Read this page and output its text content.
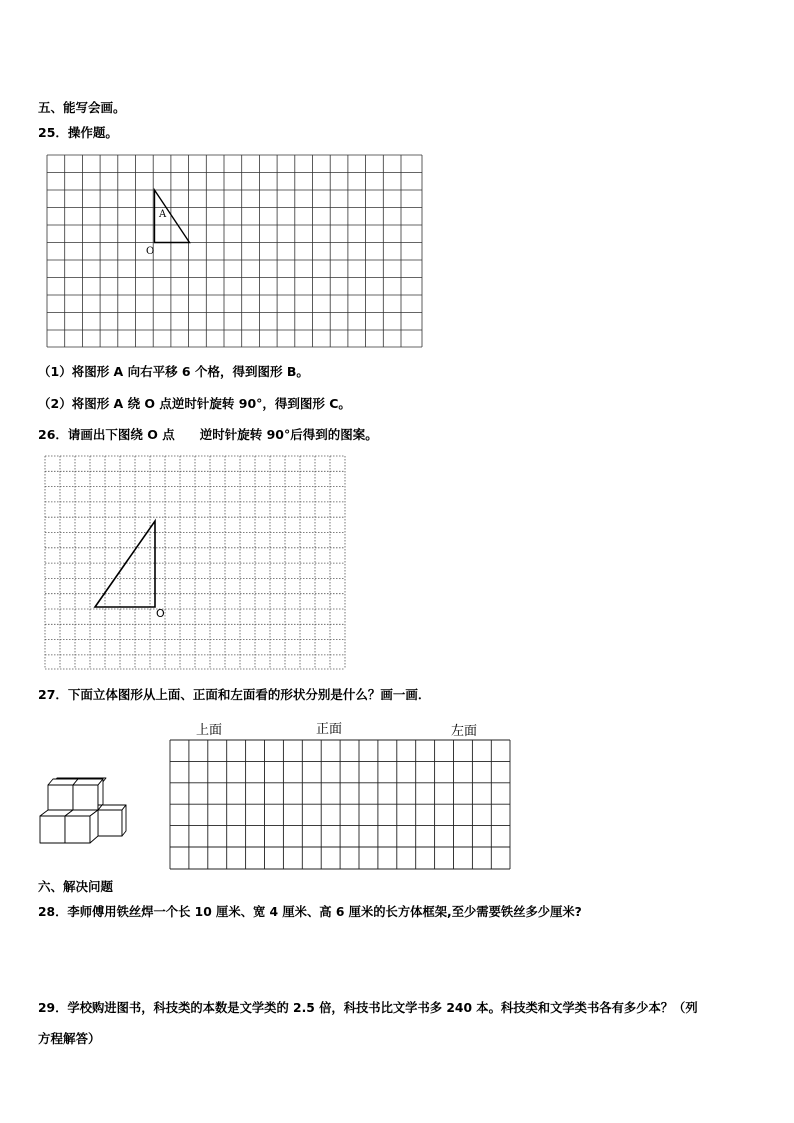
五、能写会画。
25．操作题。
A
O
（1）将图形 A 向右平移 6 个格，得到图形 B。
（2）将图形 A 绕 O 点逆时针旋转 90°，得到图形 C。
26．请画出下图绕 O 点　　逆时针旋转 90°后得到的图案。
O
27．下面立体图形从上面、正面和左面看的形状分别是什么？画一画．
上面	正面	左面
六、解决问题
28．李师傅用铁丝焊一个长 10 厘米、宽 4 厘米、高 6 厘米的长方体框架,至少需要铁丝多少厘米?
29．学校购进图书，科技类的本数是文学类的 2.5 倍，科技书比文学书多 240 本。科技类和文学类书各有多少本？（列
方程解答）
